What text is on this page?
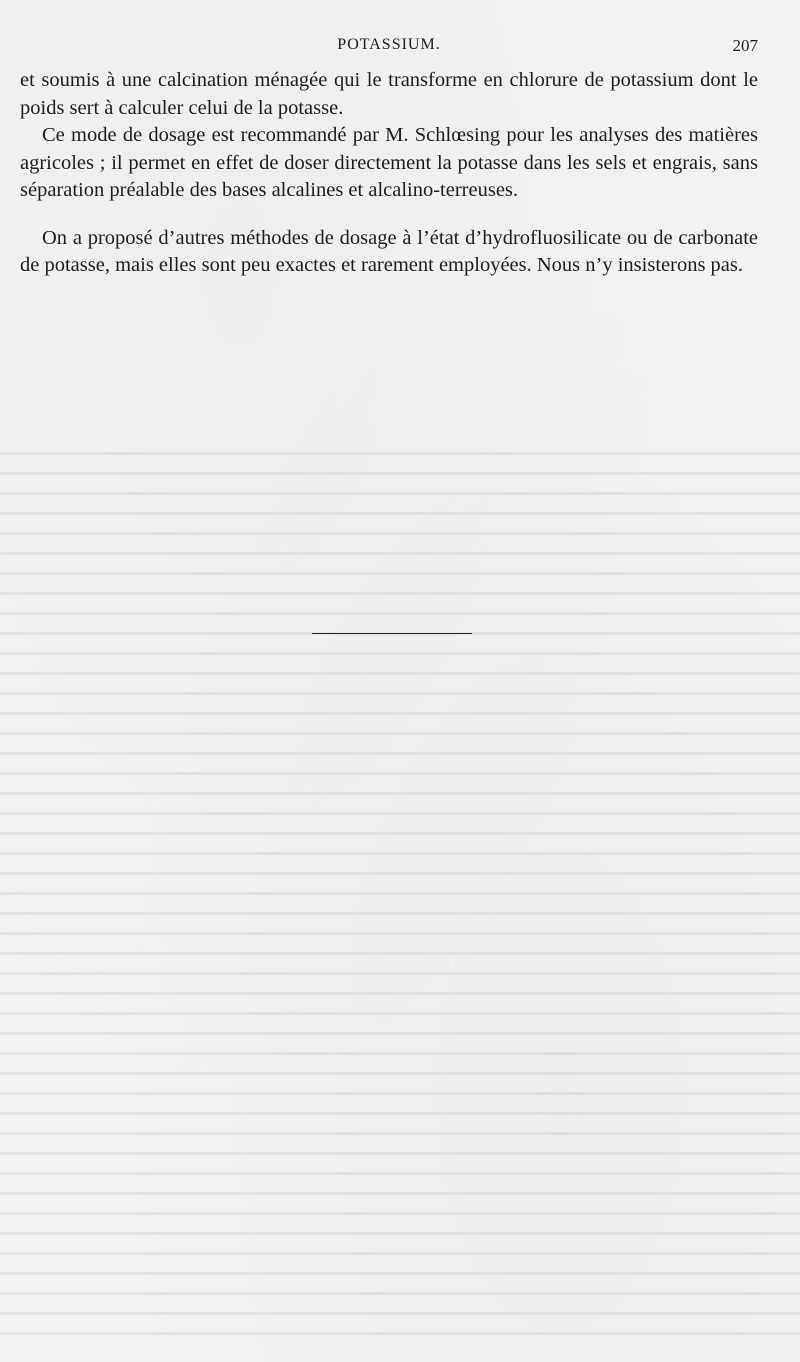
POTASSIUM.	207

et soumis à une calcination ménagée qui le transforme en chlorure de potassium dont le poids sert à calculer celui de la potasse.

Ce mode de dosage est recommandé par M. Schlœsing pour les analyses des matières agricoles ; il permet en effet de doser directement la potasse dans les sels et engrais, sans séparation préalable des bases alcalines et alcalino-terreuses.

On a proposé d’autres méthodes de dosage à l’état d’hydrofluosilicate ou de carbonate de potasse, mais elles sont peu exactes et rarement employées. Nous n’y insisterons pas.
